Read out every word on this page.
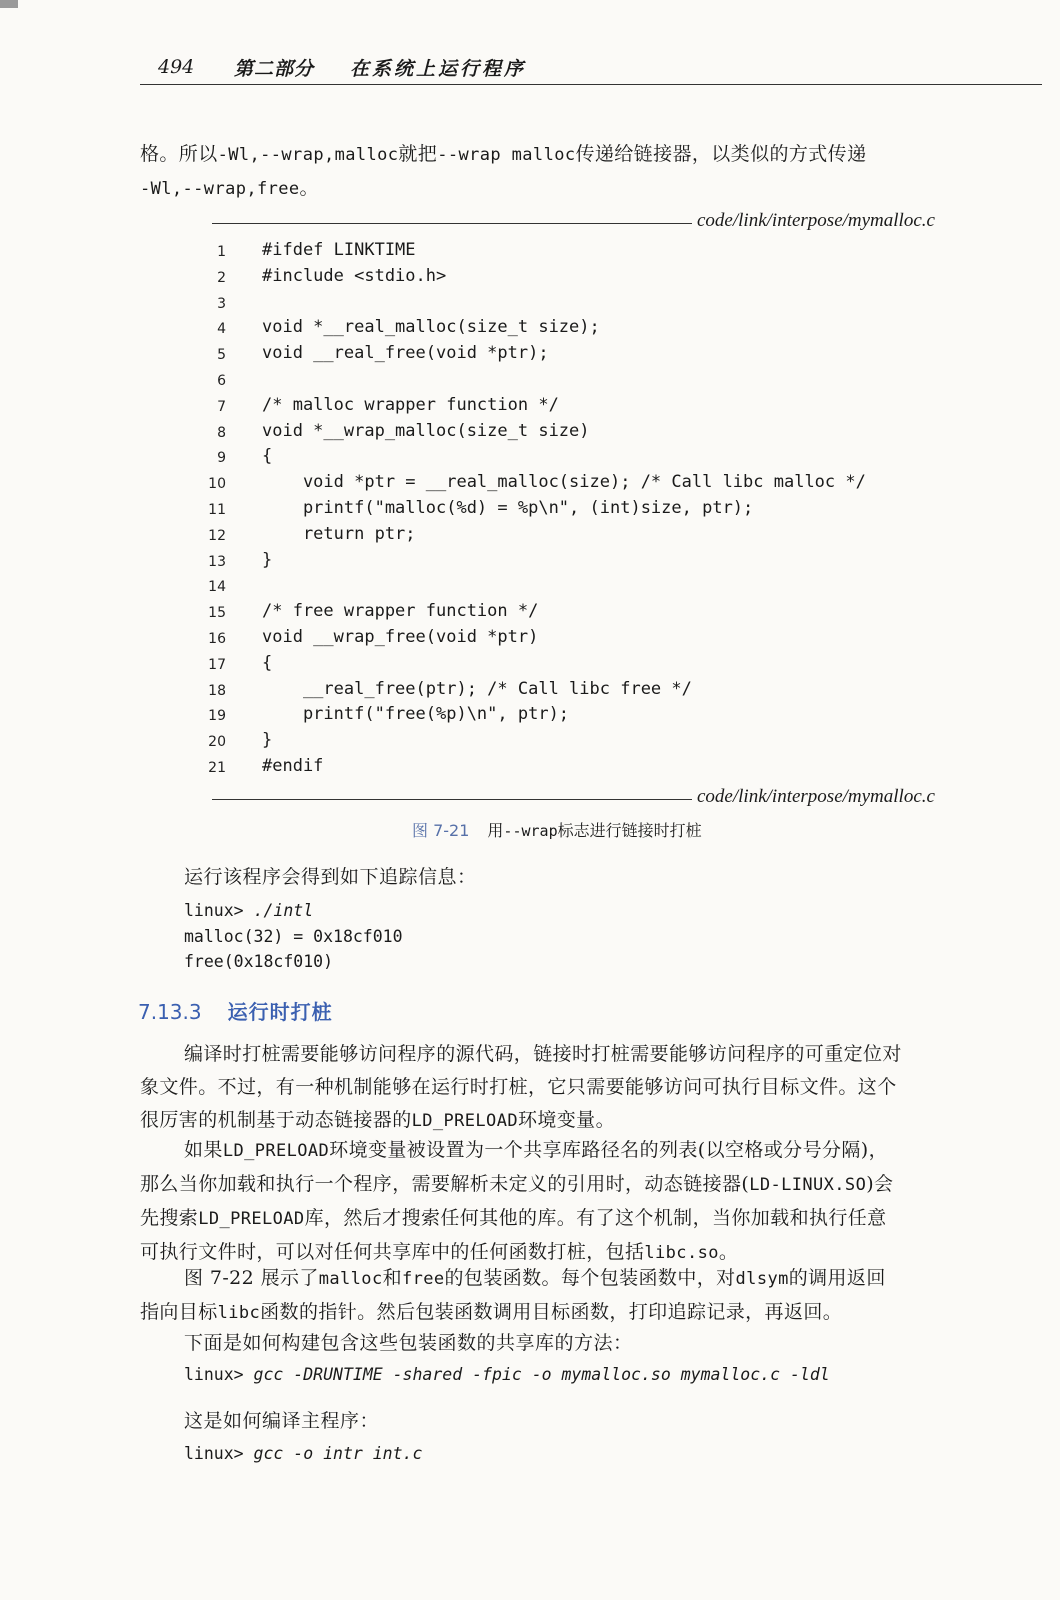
494 第二部分 在系统上运行程序
格。所以-Wl,--wrap,malloc就把--wrap malloc传递给链接器，以类似的方式传递
-Wl,--wrap,free。
code/link/interpose/mymalloc.c
1 #ifdef LINKTIME
2 #include <stdio.h>
3
4 void *__real_malloc(size_t size);
5 void __real_free(void *ptr);
6
7 /* malloc wrapper function */
8 void *__wrap_malloc(size_t size)
9 {
10 void *ptr = __real_malloc(size); /* Call libc malloc */
11 printf("malloc(%d) = %p\n", (int)size, ptr);
12 return ptr;
13 }
14
15 /* free wrapper function */
16 void __wrap_free(void *ptr)
17 {
18 __real_free(ptr); /* Call libc free */
19 printf("free(%p)\n", ptr);
20 }
21 #endif
code/link/interpose/mymalloc.c
图 7-21 用--wrap标志进行链接时打桩
运行该程序会得到如下追踪信息：
linux> ./intl
malloc(32) = 0x18cf010
free(0x18cf010)
7.13.3 运行时打桩
编译时打桩需要能够访问程序的源代码，链接时打桩需要能够访问程序的可重定位对
象文件。不过，有一种机制能够在运行时打桩，它只需要能够访问可执行目标文件。这个
很厉害的机制基于动态链接器的LD_PRELOAD环境变量。
如果LD_PRELOAD环境变量被设置为一个共享库路径名的列表(以空格或分号分隔)，
那么当你加载和执行一个程序，需要解析未定义的引用时，动态链接器(LD-LINUX.SO)会
先搜索LD_PRELOAD库，然后才搜索任何其他的库。有了这个机制，当你加载和执行任意
可执行文件时，可以对任何共享库中的任何函数打桩，包括libc.so。
图 7-22 展示了malloc和free的包装函数。每个包装函数中，对dlsym的调用返回
指向目标libc函数的指针。然后包装函数调用目标函数，打印追踪记录，再返回。
下面是如何构建包含这些包装函数的共享库的方法：
linux> gcc -DRUNTIME -shared -fpic -o mymalloc.so mymalloc.c -ldl
这是如何编译主程序：
linux> gcc -o intr int.c
